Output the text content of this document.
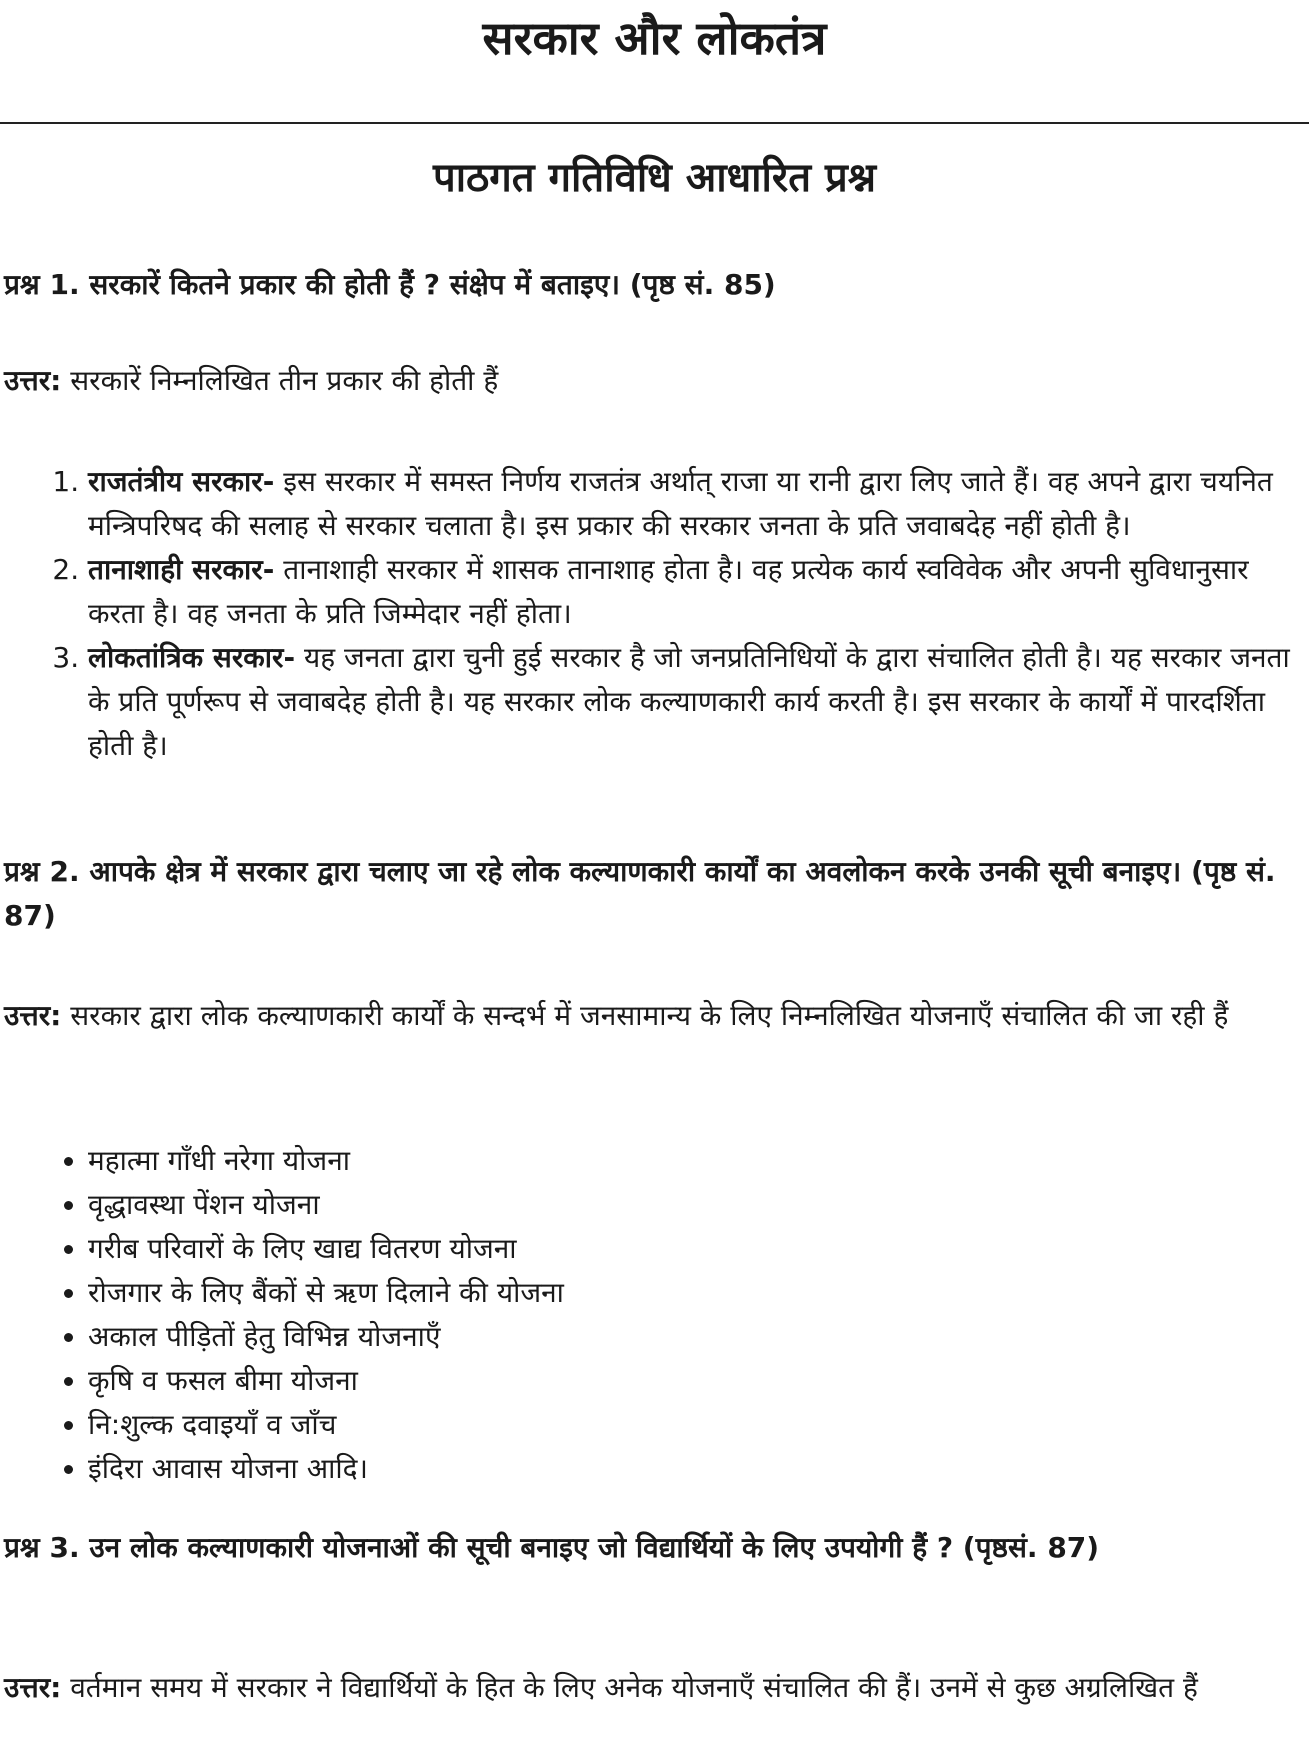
सरकार और लोकतंत्र
पाठगत गतिविधि आधारित प्रश्न

प्रश्न 1. सरकारें कितने प्रकार की होती हैं ? संक्षेप में बताइए। (पृष्ठ सं. 85)

उत्तर: सरकारें निम्नलिखित तीन प्रकार की होती हैं

1. राजतंत्रीय सरकार- इस सरकार में समस्त निर्णय राजतंत्र अर्थात् राजा या रानी द्वारा लिए जाते हैं। वह अपने द्वारा चयनित मन्त्रिपरिषद की सलाह से सरकार चलाता है। इस प्रकार की सरकार जनता के प्रति जवाबदेह नहीं होती है।
2. तानाशाही सरकार- तानाशाही सरकार में शासक तानाशाह होता है। वह प्रत्येक कार्य स्वविवेक और अपनी सुविधानुसार करता है। वह जनता के प्रति जिम्मेदार नहीं होता।
3. लोकतांत्रिक सरकार- यह जनता द्वारा चुनी हुई सरकार है जो जनप्रतिनिधियों के द्वारा संचालित होती है। यह सरकार जनता के प्रति पूर्णरूप से जवाबदेह होती है। यह सरकार लोक कल्याणकारी कार्य करती है। इस सरकार के कार्यों में पारदर्शिता होती है।

प्रश्न 2. आपके क्षेत्र में सरकार द्वारा चलाए जा रहे लोक कल्याणकारी कार्यों का अवलोकन करके उनकी सूची बनाइए। (पृष्ठ सं. 87)

उत्तर: सरकार द्वारा लोक कल्याणकारी कार्यों के सन्दर्भ में जनसामान्य के लिए निम्नलिखित योजनाएँ संचालित की जा रही हैं

• महात्मा गाँधी नरेगा योजना
• वृद्धावस्था पेंशन योजना
• गरीब परिवारों के लिए खाद्य वितरण योजना
• रोजगार के लिए बैंकों से ऋण दिलाने की योजना
• अकाल पीड़ितों हेतु विभिन्न योजनाएँ
• कृषि व फसल बीमा योजना
• नि:शुल्क दवाइयाँ व जाँच
• इंदिरा आवास योजना आदि।

प्रश्न 3. उन लोक कल्याणकारी योजनाओं की सूची बनाइए जो विद्यार्थियों के लिए उपयोगी हैं ? (पृष्ठसं. 87)

उत्तर: वर्तमान समय में सरकार ने विद्यार्थियों के हित के लिए अनेक योजनाएँ संचालित की हैं। उनमें से कुछ अग्रलिखित हैं
